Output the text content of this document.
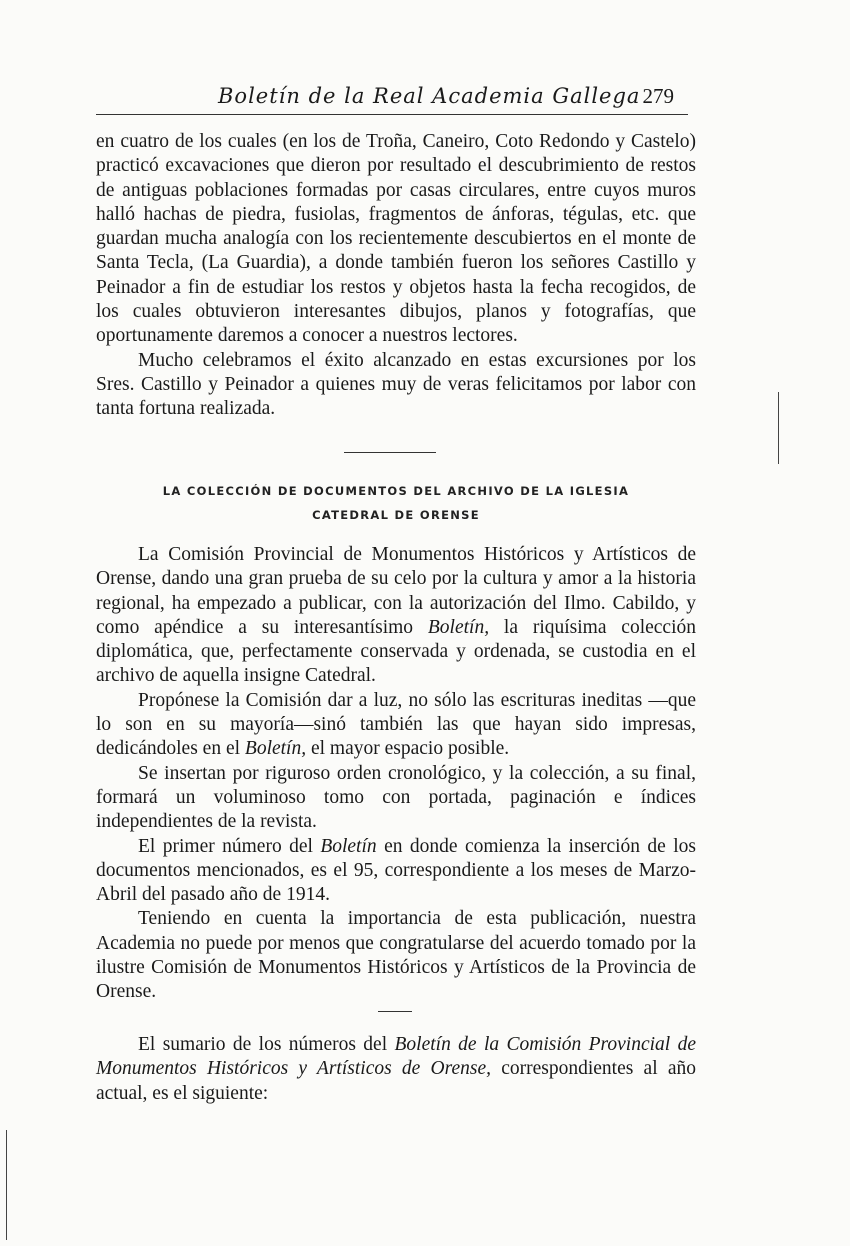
Boletín de la Real Academia Gallega 279

en cuatro de los cuales (en los de Troña, Caneiro, Coto Redondo y Castelo) practicó excavaciones que dieron por resultado el descubrimiento de restos de antiguas poblaciones formadas por casas circulares, entre cuyos muros halló hachas de piedra, fusiolas, fragmentos de ánforas, tégulas, etc. que guardan mucha analogía con los recientemente descubiertos en el monte de Santa Tecla, (La Guardia), a donde también fueron los señores Castillo y Peinador a fin de estudiar los restos y objetos hasta la fecha recogidos, de los cuales obtuvieron interesantes dibujos, planos y fotografías, que oportunamente daremos a conocer a nuestros lectores.

Mucho celebramos el éxito alcanzado en estas excursiones por los Sres. Castillo y Peinador a quienes muy de veras felicitamos por labor con tanta fortuna realizada.

LA COLECCIÓN DE DOCUMENTOS DEL ARCHIVO DE LA IGLESIA
CATEDRAL DE ORENSE

La Comisión Provincial de Monumentos Históricos y Artísticos de Orense, dando una gran prueba de su celo por la cultura y amor a la historia regional, ha empezado a publicar, con la autorización del Ilmo. Cabildo, y como apéndice a su interesantísimo Boletín, la riquísima colección diplomática, que, perfectamente conservada y ordenada, se custodia en el archivo de aquella insigne Catedral.

Propónese la Comisión dar a luz, no sólo las escrituras ineditas —que lo son en su mayoría—sinó también las que hayan sido impresas, dedicándoles en el Boletín, el mayor espacio posible.

Se insertan por riguroso orden cronológico, y la colección, a su final, formará un voluminoso tomo con portada, paginación e índices independientes de la revista.

El primer número del Boletín en donde comienza la inserción de los documentos mencionados, es el 95, correspondiente a los meses de Marzo-Abril del pasado año de 1914.

Teniendo en cuenta la importancia de esta publicación, nuestra Academia no puede por menos que congratularse del acuerdo tomado por la ilustre Comisión de Monumentos Históricos y Artísticos de la Provincia de Orense.

El sumario de los números del Boletín de la Comisión Provincial de Monumentos Históricos y Artísticos de Orense, correspondientes al año actual, es el siguiente:
